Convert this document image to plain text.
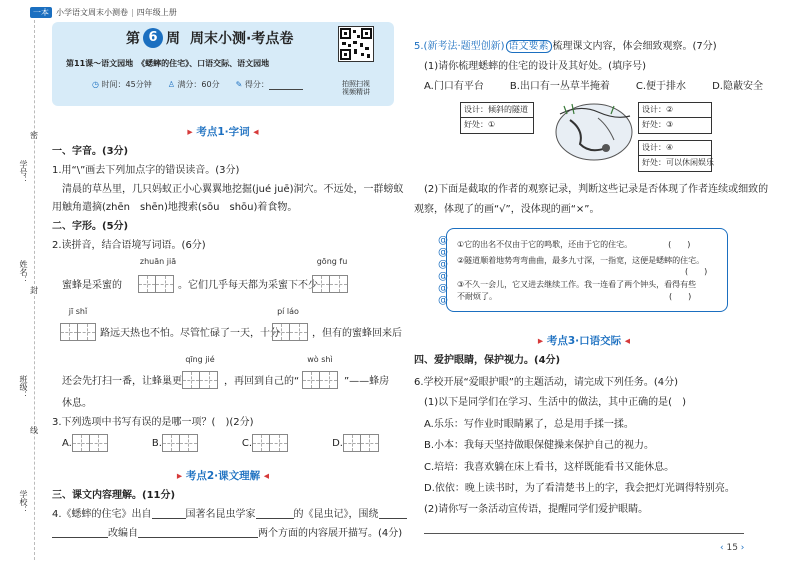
一本 小学语文周末小测卷 | 四年级上册
学号：
姓名：
班级：
学校：
密
封
线
第 6 周 周末小测·考点卷
第11课～语文园地　《蟋蟀的住宅》、口语交际、语文园地
◷ 时间：45分钟 ♙ 满分：60分 ✎ 得分：	拍照扫视
视频精讲
▸ 考点1·字词 ◂
一、字音。(3分)
1.用“\”画去下列加点字的错误读音。(3分)
清晨的草丛里，几只妈蚁正小心翼翼地挖掘(jué juē)洞穴。不远处，一群螃蚁
用触角遣摘(zhēn　shēn)地搜索(sōu　shōu)着食物。
二、字形。(5分)
2.读拼音，结合语境写词语。(6分)
zhuān jiā	gōng fu
蜜蜂是采蜜的	。它们几乎每天都为采蜜下不少
jī shǐ	pí láo
路远天热也不怕。尽管忙碌了一天，十分	，但有的蜜蜂回来后
qīng jié	wò shì
还会先打扫一番，让蜂巢更	，再回到自己的“	”——蜂房
休息。
3.下列选项中书写有误的是哪一项？(　)(2分)
A.	B.	C.	D.
▸ 考点2·课文理解 ◂
三、课文内容理解。(11分)
4.《蟋蟀的住宅》出自	国著名昆虫学家	的《昆虫记》，围绕
改编自	两个方面的内容展开描写。(4分)
5.(新考法·题型创新) 语文要素 梳理课文内容，体会细致观察。(7分)
(1)请你梳理蟋蟀的住宅的设计及其好处。(填序号)
A.门口有平台	B.出口有一丛草半掩着	C.便于排水	D.隐蔽安全
设计：倾斜的隧道
好处：①
设计：②
好处：③
设计：④
好处：可以休闲娱乐
(2)下面是截取的作者的观察记录，判断这些记录是否体现了作者连续或细致的
观察，体现了的画“√”，没体现的画“×”。
@
@
@
@
@
@
①它的出名不仅由于它的鸣歌，还由于它的住宅。　　　　　(　　)
②隧道顺着地势弯弯曲曲，最多九寸深，一指宽，这便是蟋蟀的住宅。
(　　)
③不久一会儿，它又进去继续工作。我一连看了两个钟头，看得有些
不耐烦了。　　　　　　　　　　　　　　　　　　　　　　(　　)
▸ 考点3·口语交际 ◂
四、爱护眼睛，保护视力。(4分)
6.学校开展“爱眼护眼”的主题活动，请完成下列任务。(4分)
(1)以下是同学们在学习、生活中的做法，其中正确的是(　)
A.乐乐：写作业时眼睛累了，总是用手揉一揉。
B.小本：我每天坚持做眼保健操来保护自己的视力。
C.培培：我喜欢躺在床上看书，这样既能看书又能休息。
D.依依：晚上读书时，为了看清楚书上的字，我会把灯光调得特别亮。
(2)请你写一条活动宣传语，提醒同学们爱护眼睛。
‹ 15 ›
